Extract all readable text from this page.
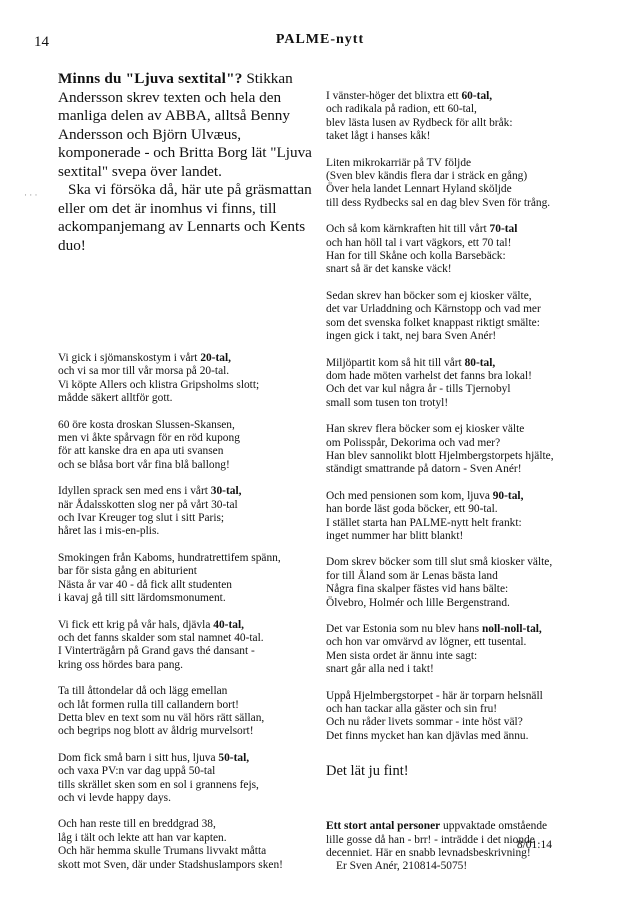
14	PALME-nytt
· · ·

Minns du "Ljuva sextital"? Stikkan Andersson skrev texten och hela den manliga delen av ABBA, alltså Benny Andersson och Björn Ulvæus, komponerade - och Britta Borg lät "Ljuva sextital" svepa över landet.

Ska vi försöka då, här ute på gräsmattan eller om det är inomhus vi finns, till ackompanjemang av Lennarts och Kents duo!

Vi gick i sjömanskostym i vårt 20-tal,
och vi sa mor till vår morsa på 20-tal.
Vi köpte Allers och klistra Gripsholms slott;
mådde säkert alltför gott.
60 öre kosta droskan Slussen-Skansen,
men vi åkte spårvagn för en röd kupong
för att kanske dra en apa uti svansen
och se blåsa bort vår fina blå ballong!
Idyllen sprack sen med ens i vårt 30-tal,
när Ådalsskotten slog ner på vårt 30-tal
och Ivar Kreuger tog slut i sitt Paris;
håret las i mis-en-plis.
Smokingen från Kaboms, hundratrettifem spänn,
bar för sista gång en abiturient
Nästa år var 40 - då fick allt studenten
i kavaj gå till sitt lärdomsmonument.
Vi fick ett krig på vår hals, djävla 40-tal,
och det fanns skalder som stal namnet 40-tal.
I Vinterträgårn på Grand gavs thé dansant -
kring oss hördes bara pang.
Ta till åttondelar då och lägg emellan
och låt formen rulla till callandern bort!
Detta blev en text som nu väl hörs rätt sällan,
och begrips nog blott av åldrig murvelsort!
Dom fick små barn i sitt hus, ljuva 50-tal,
och vaxa PV:n var dag uppå 50-tal
tills skrället sken som en sol i grannens fejs,
och vi levde happy days.
Och han reste till en breddgrad 38,
låg i tält och lekte att han var kapten.
Och här hemma skulle Trumans livvakt måtta
skott mot Sven, där under Stadshuslampors sken!
I vänster-höger det blixtra ett 60-tal,
och radikala på radion, ett 60-tal,
blev lästa lusen av Rydbeck för allt bråk:
taket lågt i hanses kåk!
Liten mikrokarriär på TV följde
(Sven blev kändis flera dar i sträck en gång)
Över hela landet Lennart Hyland sköljde
till dess Rydbecks sal en dag blev Sven för trång.
Och så kom kärnkraften hit till vårt 70-tal
och han höll tal i vart vägkors, ett 70 tal!
Han for till Skåne och kolla Barsebäck:
snart så är det kanske väck!
Sedan skrev han böcker som ej kiosker välte,
det var Urladdning och Kärnstopp och vad mer
som det svenska folket knappast riktigt smälte:
ingen gick i takt, nej bara Sven Anér!
Miljöpartit kom så hit till vårt 80-tal,
dom hade möten varhelst det fanns bra lokal!
Och det var kul några år - tills Tjernobyl
small som tusen ton trotyl!
Han skrev flera böcker som ej kiosker välte
om Polisspår, Dekorima och vad mer?
Han blev sannolikt blott Hjelmbergstorpets hjälte,
ständigt smattrande på datorn - Sven Anér!
Och med pensionen som kom, ljuva 90-tal,
han borde läst goda böcker, ett 90-tal.
I stället starta han PALME-nytt helt frankt:
inget nummer har blitt blankt!
Dom skrev böcker som till slut små kiosker välte,
for till Åland som är Lenas bästa land
Några fina skalper fästes vid hans bälte:
Ölvebro, Holmér och lille Bergenstrand.
Det var Estonia som nu blev hans noll-noll-tal,
och hon var omvärvd av lögner, ett tusental.
Men sista ordet är ännu inte sagt:
snart går alla ned i takt!
Uppå Hjelmbergstorpet - här är torparn helsnäll
och han tackar alla gäster och sin fru!
Och nu råder livets sommar - inte höst väl?
Det finns mycket han kan djävlas med ännu.
Det lät ju fint!
Ett stort antal personer uppvaktade omstående
lille gosse då han - brr! - inträdde i det nionde
decenniet. Här en snabb levnadsbeskrivning!
Er Sven Anér, 210814-5075!
8/01:14
